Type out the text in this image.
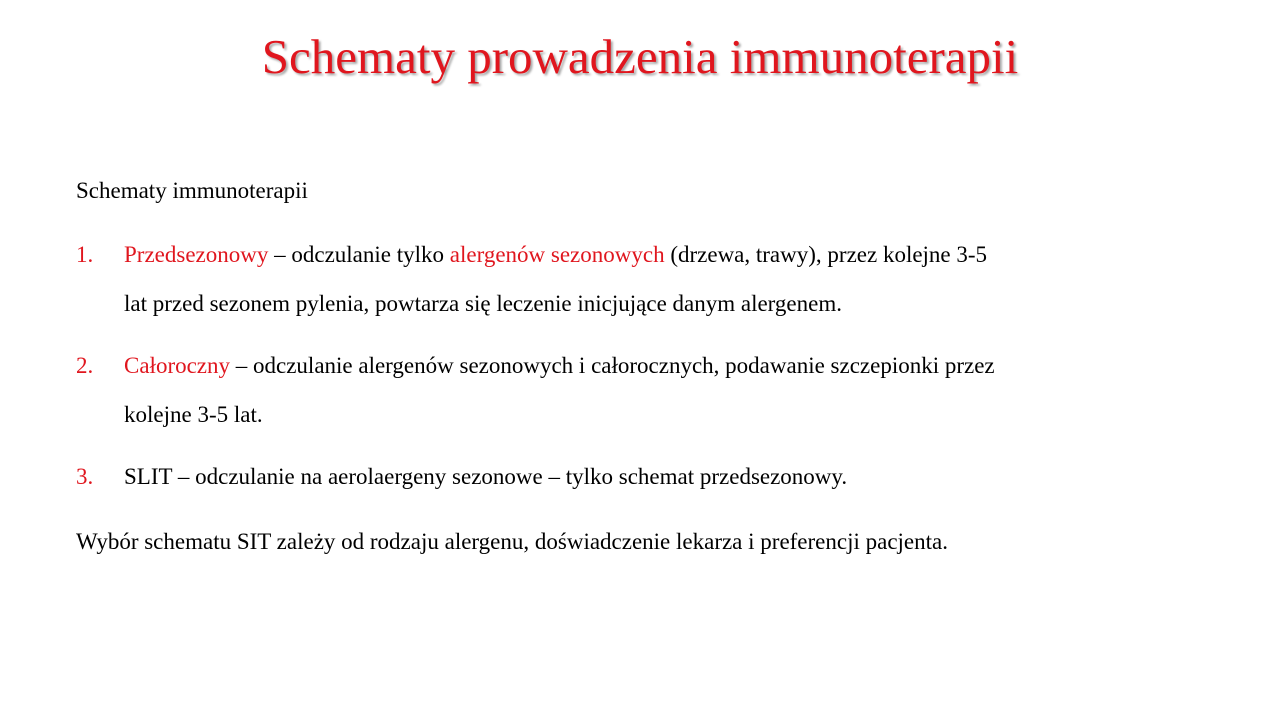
Schematy prowadzenia immunoterapii
Schematy immunoterapii
1. Przedsezonowy – odczulanie tylko alergenów sezonowych (drzewa, trawy), przez kolejne 3-5
lat przed sezonem pylenia, powtarza się leczenie inicjujące danym alergenem.
2. Całoroczny – odczulanie alergenów sezonowych i całorocznych, podawanie szczepionki przez
kolejne 3-5 lat.
3. SLIT – odczulanie na aerolaergeny sezonowe – tylko schemat przedsezonowy.
Wybór schematu SIT zależy od rodzaju alergenu, doświadczenie lekarza i preferencji pacjenta.
